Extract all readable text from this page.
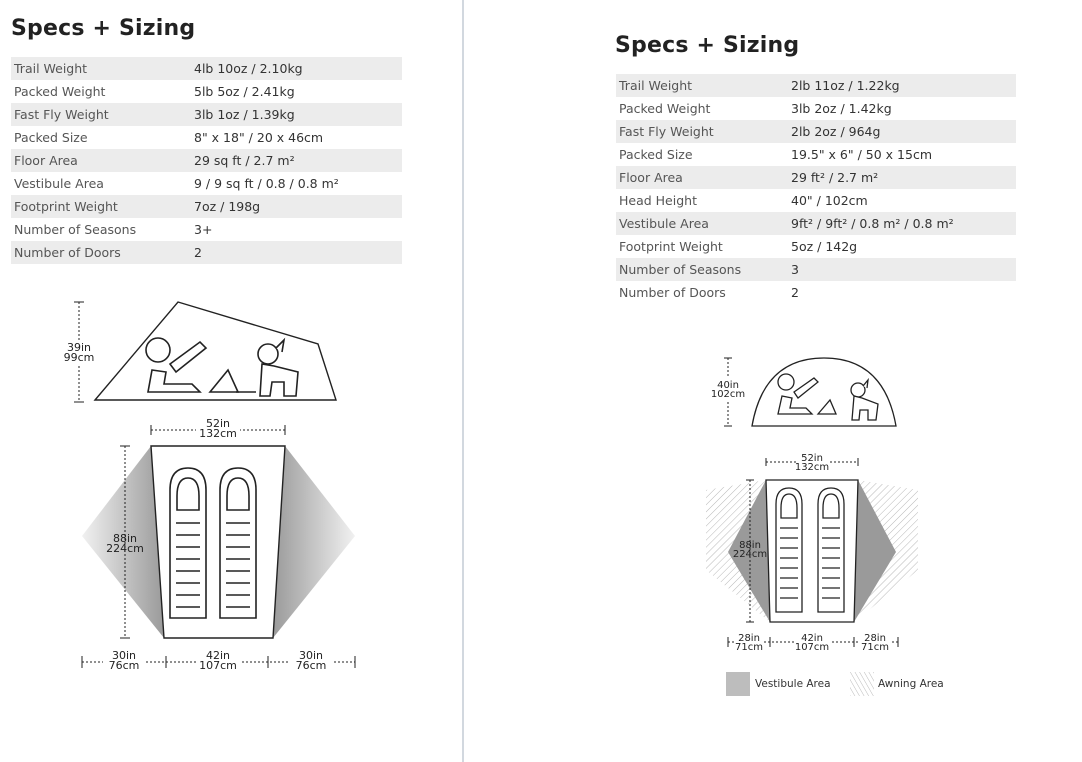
Specs + Sizing
Trail Weight	4lb 10oz / 2.10kg
Packed Weight	5lb 5oz / 2.41kg
Fast Fly Weight	3lb 1oz / 1.39kg
Packed Size	8" x 18" / 20 x 46cm
Floor Area	29 sq ft / 2.7 m²
Vestibule Area	9 / 9 sq ft / 0.8 / 0.8 m²
Footprint Weight	7oz / 198g
Number of Seasons	3+
Number of Doors	2
39in
99cm
52in
132cm
88in
224cm
30in
76cm
42in
107cm
30in
76cm
Specs + Sizing
Trail Weight	2lb 11oz / 1.22kg
Packed Weight	3lb 2oz / 1.42kg
Fast Fly Weight	2lb 2oz / 964g
Packed Size	19.5" x 6" / 50 x 15cm
Floor Area	29 ft² / 2.7 m²
Head Height	40" / 102cm
Vestibule Area	9ft² / 9ft² / 0.8 m² / 0.8 m²
Footprint Weight	5oz / 142g
Number of Seasons	3
Number of Doors	2
40in
102cm
52in
132cm
88in
224cm
28in
71cm
42in
107cm
28in
71cm
Vestibule Area	Awning Area
